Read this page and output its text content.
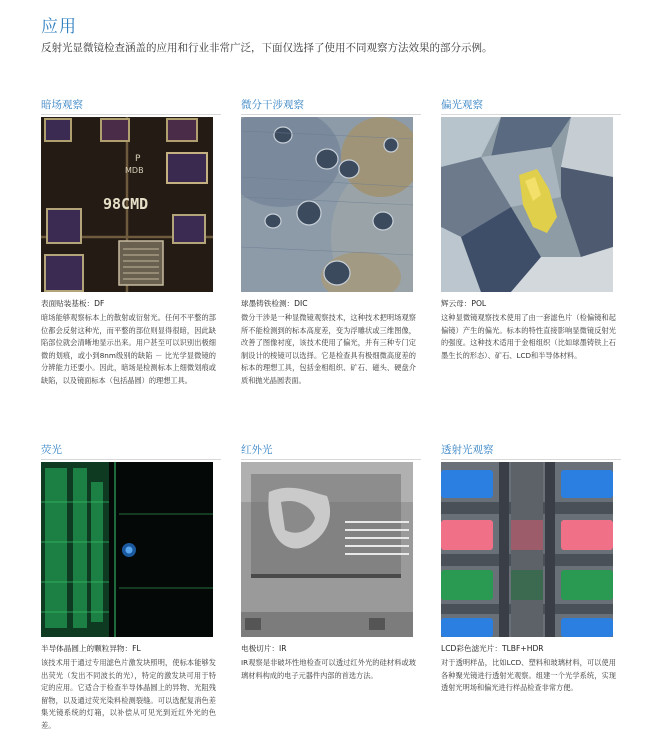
应用

反射光显微镜检查涵盖的应用和行业非常广泛，下面仅选择了使用不同观察方法效果的部分示例。

暗场观察
P
MDB
98CMD
表面贴装基板：DF

暗场能够观察标本上的散射或衍射光。任何不平整的部位都会反射这种光，而平整的部位则显得很暗，因此缺陷部位就会清晰地显示出来。用户甚至可以识别出极细微的划痕，或小到8nm级别的缺陷 － 比光学显微镜的分辨能力还要小。因此，暗场是检测标本上细微划痕或缺陷，以及镜面标本（包括晶圆）的理想工具。

微分干涉观察
球墨铸铁检测：DIC

微分干涉是一种显微镜观察技术，这种技术把明场观察所不能检测到的标本高度差，变为浮雕状或三维图像，改善了图像衬度，该技术使用了偏光，并有三种专门定制设计的棱镜可以选择。它是检查具有极细微高度差的标本的理想工具，包括金相组织、矿石、磁头、硬盘介质和抛光晶圆表面。

偏光观察
辉云母：POL

这种显微镜观察技术使用了由一套滤色片（检偏镜和起偏镜）产生的偏光。标本的特性直接影响显微镜反射光的强度。这种技术适用于金相组织（比如球墨铸铁上石墨生长的形态）、矿石、LCD和半导体材料。

荧光
半导体晶圆上的颗粒异物：FL

该技术用于通过专用滤色片激发块照明，使标本能够发出荧光（发出不同波长的光），特定的激发块可用于特定的应用。它适合于检查半导体晶圆上的异物、光阻残留物，以及通过荧光染料检测裂缝。可以选配复消色差集光镜系统的灯箱，以补偿从可见光到近红外光的色差。

红外光
电极切片：IR

IR观察是非破坏性地检查可以透过红外光的硅材料或玻璃材料构成的电子元器件内部的首选方法。

透射光观察
LCD彩色滤光片：TLBF+HDR

对于透明样品，比如LCD、塑料和玻璃材料，可以使用各种聚光镜进行透射光观察。组建一个光学系统，实现透射光明场和偏光进行样品检查非常方便。
